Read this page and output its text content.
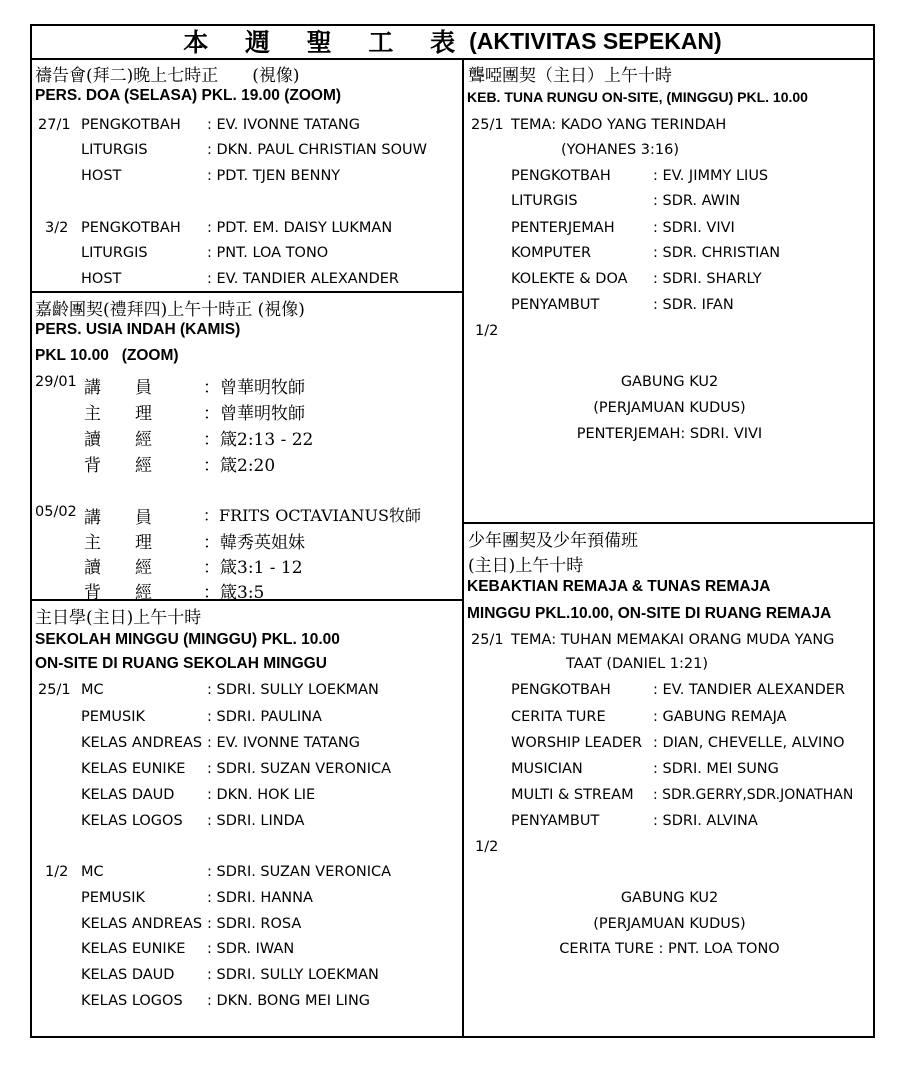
本 週 聖 工 表 (AKTIVITAS SEPEKAN)
禱告會(拜二)晚上七時正　　(視像)
PERS. DOA (SELASA) PKL. 19.00 (ZOOM)
27/1 PENGKOTBAH : EV. IVONNE TATANG
LITURGIS	: DKN. PAUL CHRISTIAN SOUW
HOST	: PDT. TJEN BENNY
3/2 PENGKOTBAH : PDT. EM. DAISY LUKMAN
LITURGIS	: PNT. LOA TONO
HOST	: EV. TANDIER ALEXANDER
嘉齡團契(禮拜四)上午十時正 (視像)
PERS. USIA INDAH (KAMIS)
PKL 10.00   (ZOOM)
29/01 講　　員	：曾華明牧師
主　　理	：曾華明牧師
讀　　經	：箴2:13 - 22
背　　經	：箴2:20
05/02 講　　員	：FRITS OCTAVIANUS牧師
主　　理	：韓秀英姐妹
讀　　經	：箴3:1 - 12
背　　經	：箴3:5
主日學(主日)上午十時
SEKOLAH MINGGU (MINGGU) PKL. 10.00
ON-SITE DI RUANG SEKOLAH MINGGU
25/1 MC	: SDRI. SULLY LOEKMAN
PEMUSIK	: SDRI. PAULINA
KELAS ANDREAS : EV. IVONNE TATANG
KELAS EUNIKE : SDRI. SUZAN VERONICA
KELAS DAUD : DKN. HOK LIE
KELAS LOGOS : SDRI. LINDA
1/2 MC	: SDRI. SUZAN VERONICA
PEMUSIK	: SDRI. HANNA
KELAS ANDREAS : SDRI. ROSA
KELAS EUNIKE : SDR. IWAN
KELAS DAUD : SDRI. SULLY LOEKMAN
KELAS LOGOS : DKN. BONG MEI LING
聾啞團契（主日）上午十時
KEB. TUNA RUNGU ON-SITE, (MINGGU) PKL. 10.00
25/1 TEMA: KADO YANG TERINDAH
(YOHANES 3:16)
PENGKOTBAH	: EV. JIMMY LIUS
LITURGIS	: SDR. AWIN
PENTERJEMAH	: SDRI. VIVI
KOMPUTER	: SDR. CHRISTIAN
KOLEKTE & DOA : SDRI. SHARLY
PENYAMBUT	: SDR. IFAN
1/2
GABUNG KU2
(PERJAMUAN KUDUS)
PENTERJEMAH: SDRI. VIVI
少年團契及少年預備班
(主日)上午十時
KEBAKTIAN REMAJA & TUNAS REMAJA
MINGGU PKL.10.00, ON-SITE DI RUANG REMAJA
25/1 TEMA: TUHAN MEMAKAI ORANG MUDA YANG
TAAT (DANIEL 1:21)
PENGKOTBAH	: EV. TANDIER ALEXANDER
CERITA TURE	: GABUNG REMAJA
WORSHIP LEADER : DIAN, CHEVELLE, ALVINO
MUSICIAN	: SDRI. MEI SUNG
MULTI & STREAM : SDR.GERRY,SDR.JONATHAN
PENYAMBUT	: SDRI. ALVINA
1/2
GABUNG KU2
(PERJAMUAN KUDUS)
CERITA TURE : PNT. LOA TONO
